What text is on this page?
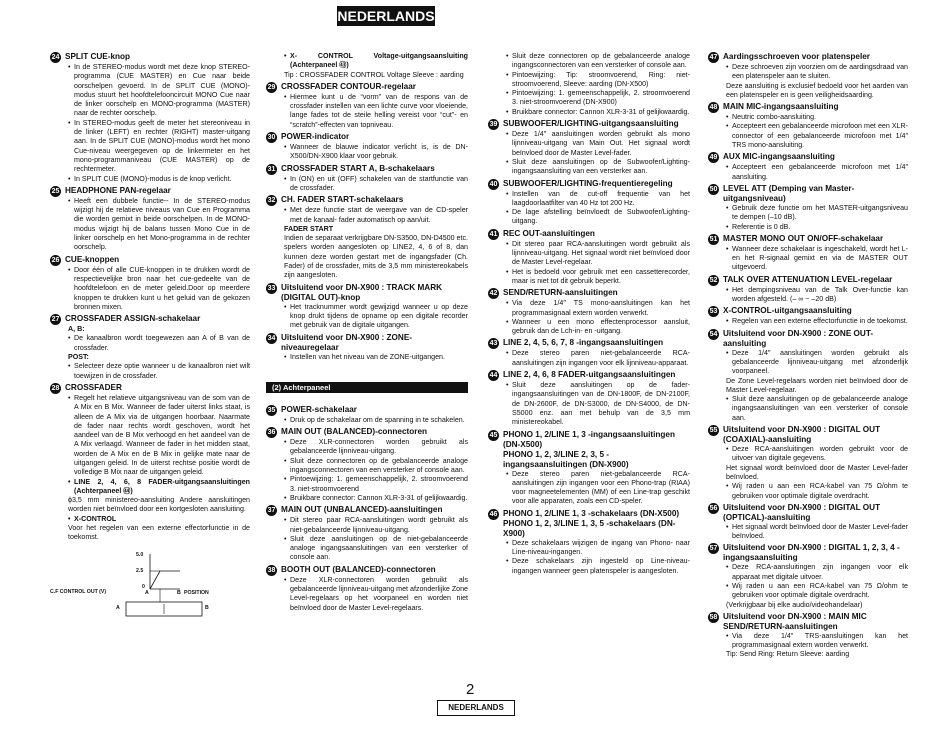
NEDERLANDS
24 SPLIT CUE-knop
• In de STEREO-modus wordt met deze knop STEREO-programma (CUE MASTER) en Cue naar beide oorschelpen gevoerd. In de SPLIT CUE (MONO)-modus stuurt het hoofdtelefooncircuit MONO Cue naar de linker oorschelp en MONO-programma (MASTER) naar de rechter oorschelp.
• In STEREO-modus geeft de meter het stereoniveau in de linker (LEFT) en rechter (RIGHT) master-uitgang aan. In de SPLIT CUE (MONO)-modus wordt het mono Cue-niveau weergegeven op de linkermeter en het mono-programmaniveau (CUE MASTER) op de rechtermeter.
• In SPLIT CUE (MONO)-modus is de knop verlicht.
25 HEADPHONE PAN-regelaar
• Heeft een dubbele functie-- In de STEREO-modus wijzigt hij de relatieve niveaus van Cue en Programma die worden gemixt in beide oorschelpen. In de MONO-modus wijzigt hij de balans tussen Mono Cue in de linker oorschelp en het Mono-programma in de rechter oorschelp.
26 CUE-knoppen
• Door één of alle CUE-knoppen in te drukken wordt de respectievelijke bron naar het cue-gedeelte van de hoofdtelefoon en de meter geleid.Door op meerdere knoppen te drukken kunt u het geluid van de gekozen bronnen mixen.
27 CROSSFADER ASSIGN-schakelaar
A, B:
• De kanaalbron wordt toegewezen aan A of B van de crossfader.
POST:
• Selecteer deze optie wanneer u de kanaalbron niet wilt toewijzen in de crossfader.
28 CROSSFADER
• Regelt het relatieve uitgangsniveau van de som van de A Mix en B Mix. Wanneer de fader uiterst links staat, is alleen de A Mix via de uitgangen hoorbaar. Naarmate de fader naar rechts wordt geschoven, wordt het aandeel van de B Mix verhoogd en het aandeel van de A Mix verlaagd. Wanneer de fader in het midden staat, worden de A Mix en de B Mix in gelijke mate naar de uitgangen geleid. In de uiterst rechtse positie wordt de volledige B Mix naar de uitgangen geleid.
• LINE 2, 4, 6, 8 FADER-uitgangsaansluitingen (Achterpaneel ㊹)
ϕ3,5 mm ministereo-aansluiting Andere aansluitingen worden niet beïnvloed door een kortgesloten aansluiting.
• X-CONTROL
Voor het regelen van een externe effectorfunctie in de toekomst.
C.F CONTROL OUT (V)
5.0
2.5
0
A	B POSITION
A	B
• X- CONTROL Voltage-uitgangsaansluiting (Achterpaneel ㊸)
Tip : CROSSFADER CONTROL Voltage Sleeve : aarding
29 CROSSFADER CONTOUR-regelaar
• Hiermee kunt u de “vorm” van de respons van de crossfader instellen van een lichte curve voor vloeiende, lange fades tot de steile helling vereist voor “cut”- en “scratch”-effecten van topniveau.
30 POWER-indicator
• Wanneer de blauwe indicator verlicht is, is de DN-X500/DN-X900 klaar voor gebruik.
31 CROSSFADER START A, B-schakelaars
• In (ON) en uit (OFF) schakelen van de startfunctie van de crossfader.
32 CH. FADER START-schakelaars
• Met deze functie start de weergave van de CD-speler met de kanaal- fader automatisch op aan/uit.
FADER START
Indien de separaat verkrijgbare DN-S3500, DN-D4500 etc. spelers worden aangesloten op LINE2, 4, 6 of 8, dan kunnen deze worden gestart met de ingangsfader (Ch. Fader) of de crossfader, mits de 3,5 mm ministereokabels zijn aangesloten.
33 Uitsluitend voor DN-X900 : TRACK MARK (DIGITAL OUT)-knop
• Het tracknummer wordt gewijzigd wanneer u op deze knop drukt tijdens de opname op een digitale recorder met gebruik van de digitale uitgangen.
34 Uitsluitend voor DN-X900 : ZONE-niveauregelaar
• Instellen van het niveau van de ZONE-uitgangen.
(2) Achterpaneel
35 POWER-schakelaar
• Druk op de schakelaar om de spanning in te schakelen.
36 MAIN OUT (BALANCED)-connectoren
• Deze XLR-connectoren worden gebruikt als gebalanceerde lijnniveau-uitgang.
• Sluit deze connectoren op de gebalanceerde analoge ingangsconnectoren van een versterker of console aan.
• Pintoewijzing: 1. gemeenschappelijk, 2. stroomvoerend 3. niet-stroomvoerend
• Bruikbare connector: Cannon XLR-3-31 of gelijkwaardig.
37 MAIN OUT (UNBALANCED)-aansluitingen
• Dit stereo paar RCA-aansluitingen wordt gebruikt als niet-gebalanceerde lijnniveau-uitgang.
• Sluit deze aansluitingen op de niet-gebalanceerde analoge ingangsaansluitingen van een versterker of console aan.
38 BOOTH OUT (BALANCED)-connectoren
• Deze XLR-connectoren worden gebruikt als gebalanceerde lijnniveau-uitgang met afzonderlijke Zone Level-regelaars op het voorpaneel en worden niet beïnvloed door de Master Level-regelaars.
• Sluit deze connectoren op de gebalanceerde analoge ingangsconnectoren van een versterker of console aan.
• Pintoewijzing: Tip: stroomvoerend, Ring: niet-stroomvoerend, Sleeve: aarding (DN-X500)
• Pintoewijzing: 1. gemeenschappelijk, 2. stroomvoerend 3. niet-stroomvoerend (DN-X900)
• Bruikbare connector: Cannon XLR-3-31 of gelijkwaardig.
39 SUBWOOFER/LIGHTING-uitgangsaansluiting
• Deze 1/4″ aansluitingen worden gebruikt als mono lijnniveau-uitgang van Main Out. Het signaal wordt beïnvloed door de Master Level-fader.
• Sluit deze aansluitingen op de Subwoofer/Lighting-ingangsaansluiting van een versterker aan.
40 SUBWOOFER/LIGHTING-frequentieregeling
• Instellen van de cut-off frequentie van het laagdoorlaatfilter van 40 Hz tot 200 Hz.
• De lage afstelling beïnvloedt de Subwoofer/Lighting-uitgang.
41 REC OUT-aansluitingen
• Dit stereo paar RCA-aansluitingen wordt gebruikt als lijnniveau-uitgang. Het signaal wordt niet beïnvloed door de Master Level-regelaar.
• Het is bedoeld voor gebruik met een cassetterecorder, maar is niet tot dit gebruik beperkt.
42 SEND/RETURN-aansluitingen
• Via deze 1/4″ TS mono-aansluitingen kan het programmasignaal extern worden verwerkt.
• Wanneer u een mono effectenprocessor aansluit, gebruik dan de Lch-in- en -uitgang.
43 LINE 2, 4, 5, 6, 7, 8 -ingangsaansluitingen
• Deze stereo paren niet-gebalanceerde RCA-aansluitingen zijn ingangen voor elk lijnniveau-apparaat.
44 LINE 2, 4, 6, 8 FADER-uitgangsaansluitingen
• Sluit deze aansluitingen op de fader-ingangsaansluitingen van de DN-1800F, de DN-2100F, de DN-2600F, de DN-S3000, de DN-S4000, de DN-S5000 enz. aan met behulp van de 3,5 mm ministereokabel.
45 PHONO 1, 2/LINE 1, 3 -ingangsaansluitingen (DN-X500)
PHONO 1, 2, 3/LINE 2, 3, 5 -ingangsaansluitingen (DN-X900)
• Deze stereo paren niet-gebalanceerde RCA-aansluitingen zijn ingangen voor een Phono-trap (RIAA) voor magneetelementen (MM) of een Line-trap geschikt voor alle apparaten, zoals een CD-speler.
46 PHONO 1, 2/LINE 1, 3 -schakelaars (DN-X500)
PHONO 1, 2, 3/LINE 1, 3, 5 -schakelaars (DN-X900)
• Deze schakelaars wijzigen de ingang van Phono- naar Line-niveau-ingangen.
• Deze schakelaars zijn ingesteld op Line-niveau-ingangen wanneer geen platenspeler is aangesloten.
47 Aardingsschroeven voor platenspeler
• Deze schroeven zijn voorzien om de aardingsdraad van een platenspeler aan te sluiten.
Deze aansluiting is exclusief bedoeld voor het aarden van een platenspeler en is geen veiligheidsaarding.
48 MAIN MIC-ingangsaansluiting
• Neutric combo-aansluiting.
• Accepteert een gebalanceerde microfoon met een XLR-connector of een gebalanceerde microfoon met 1/4″ TRS mono-aansluiting.
49 AUX MIC-ingangsaansluiting
• Accepteert een gebalanceerde microfoon met 1/4″ aansluiting.
50 LEVEL ATT (Demping van Master-uitgangsniveau)
• Gebruik deze functie om het MASTER-uitgangsniveau te dempen (–10 dB).
• Referentie is 0 dB.
51 MASTER MONO OUT ON/OFF-schakelaar
• Wanneer deze schakelaar is ingeschakeld, wordt het L- en het R-signaal gemixt en via de MASTER OUT uitgevoerd.
52 TALK OVER ATTENUATION LEVEL-regelaar
• Het dempingsniveau van de Talk Over-functie kan worden afgesteld. (– ∞ ~ –20 dB)
53 X-CONTROL-uitgangsaansluiting
• Regelen van een externe effectorfunctie in de toekomst.
54 Uitsluitend voor DN-X900 : ZONE OUT-aansluiting
• Deze 1/4″ aansluitingen worden gebruikt als gebalanceerde lijnniveau-uitgang met afzonderlijk voorpaneel.
De Zone Level-regelaars worden niet beïnvloed door de Master Level-regelaar.
• Sluit deze aansluitingen op de gebalanceerde analoge ingangsaansluitingen van een versterker of console aan.
55 Uitsluitend voor DN-X900 : DIGITAL OUT (COAXIAL)-aansluiting
• Deze RCA-aansluitingen worden gebruikt voor de uitvoer van digitale gegevens.
Het signaal wordt beïnvloed door de Master Level-fader beïnvloed.
• Wij raden u aan een RCA-kabel van 75 Ω/ohm te gebruiken voor optimale digitale overdracht.
56 Uitsluitend voor DN-X900 : DIGITAL OUT (OPTICAL)-aansluiting
• Het signaal wordt beïnvloed door de Master Level-fader beïnvloed.
57 Uitsluitend voor DN-X900 : DIGITAL 1, 2, 3, 4 -ingangsaansluiting
• Deze RCA-aansluitingen zijn ingangen voor elk apparaat met digitale uitvoer.
• Wij raden u aan een RCA-kabel van 75 Ω/ohm te gebruiken voor optimale digitale overdracht.
(Verkrijgbaar bij elke audio/videohandelaar)
58 Uitsluitend voor DN-X900 : MAIN MIC SEND/RETURN-aansluitingen
• Via deze 1/4″ TRS-aansluitingen kan het programmasignaal extern worden verwerkt.
Tip: Send Ring: Return Sleeve: aarding
2
NEDERLANDS
